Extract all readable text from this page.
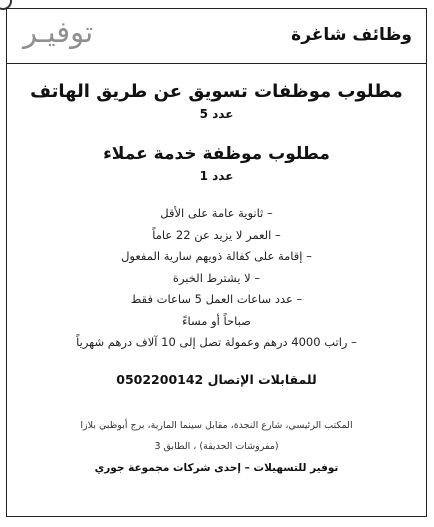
وظائف شاغرة
توفيـر

مطلوب موظفات تسويق عن طريق الهاتف

عدد 5

مطلوب موظفة خدمة عملاء

عدد 1

– ثانوية عامة على الأقل
– العمر لا يزيد عن 22 عاماً
– إقامة على كفالة ذويهم سارية المفعول
– لا يشترط الخبرة
– عدد ساعات العمل 5 ساعات فقط
صباحاً أو مساءً
– راتب 4000 درهم وعمولة تصل إلى 10 آلاف درهم شهرياً

للمقابلات الإتصال 0502200142

المكتب الرئيسي، شارع النجدة، مقابل سينما المارية، برج أبوظبي بلازا

(مفروشات الحديقة) ، الطابق 3

توفير للتسهيلات – إحدى شركات مجموعة جوري
